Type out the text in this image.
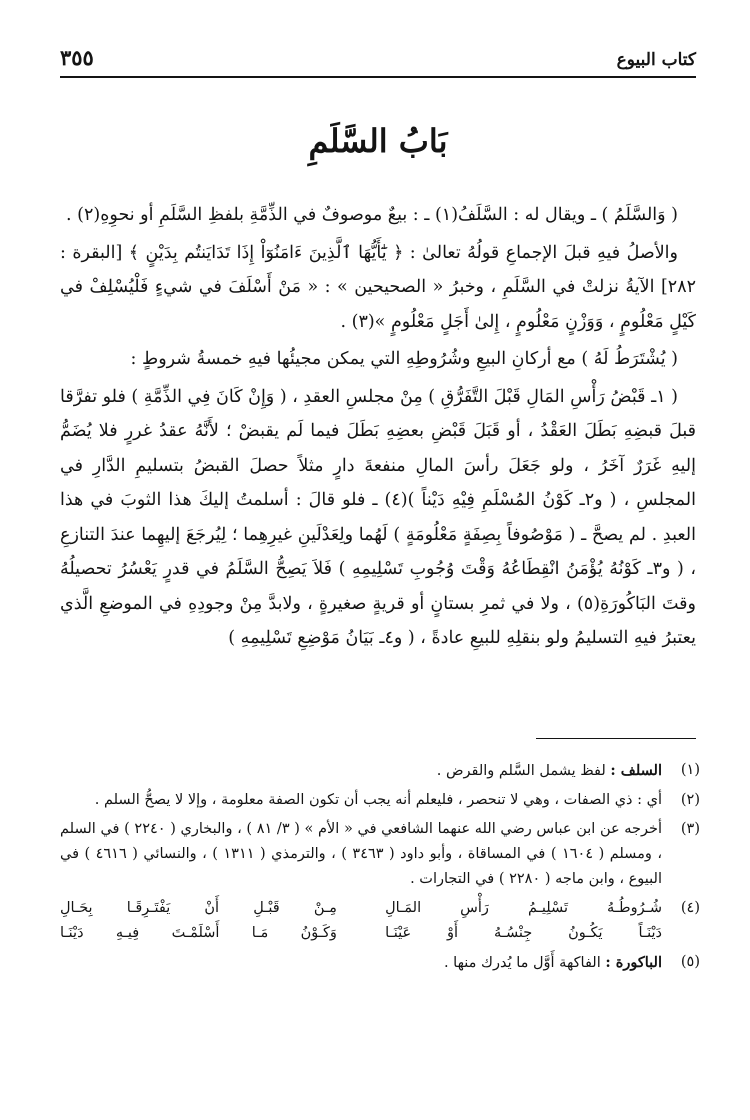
كتاب البيوع
٣٥٥
بَابُ السَّلَمِ

( وَالسَّلَمُ ) ـ ويقال له : السَّلَفُ(١) ـ : بيعٌ موصوفٌ في الذِّمَّةِ بلفظِ السَّلَمِ أو نحوِهِ(٢) .

والأصلُ فيهِ قبلَ الإجماعِ قولُهُ تعالىٰ : ﴿ يَٰٓأَيُّهَا ٱلَّذِينَ ءَامَنُوٓاْ إِذَا تَدَايَنتُم بِدَيْنٍ ﴾ [البقرة : ٢٨٢] الآيةُ نزلتْ في السَّلَمِ ، وخبرُ « الصحيحين » : « مَنْ أَسْلَفَ في شيءٍ فَلْيُسْلِفْ في كَيْلٍ مَعْلُومٍ ، وَوَزْنٍ مَعْلُومٍ ، إِلىٰ أَجَلٍ مَعْلُومٍ »(٣) .

( يُشْتَرَطُ لَهُ ) مع أركانِ البيعِ وشُرُوطِهِ التي يمكن مجيئُها فيهِ خمسةُ شروطٍ :

( ١ـ قَبْضُ رَأْسِ المَالِ قَبْلَ التَّفَرُّقِ ) مِنْ مجلسِ العقدِ ، ( وَإِنْ كَانَ فِي الذِّمَّةِ ) فلو تفرَّقا قبلَ قبضِهِ بَطَلَ العَقْدُ ، أو قَبَلَ قَبْضِ بعضِهِ بَطَلَ فيما لَم يقبضْ ؛ لأَنَّهُ عقدُ غررٍ فلا يُضَمُّ إليهِ غَرَرٌ آخَرُ ، ولو جَعَلَ رأسَ المالِ منفعةَ دارٍ مثلاً حصلَ القبضُ بتسليمِ الدَّارِ في المجلسِ ، ( و٢ـ كَوْنُ المُسْلَمِ فِيْهِ دَيْناً )(٤) ـ فلو قالَ : أسلمتُ إليكَ هذا الثوبَ في هذا العبدِ . لم يصحَّ ـ ( مَوْصُوفاً بِصِفَةٍ مَعْلُومَةٍ ) لَهُما ولِعَدْلَينِ غيرِهِما ؛ لِيُرجَعَ إليهِما عندَ التنازعِ ، ( و٣ـ كَوْنُهُ يُؤْمَنُ انْقِطَاعُهُ وَقْتَ وُجُوبِ تَسْلِيمِهِ ) فَلاَ يَصِحُّ السَّلَمُ في قدرٍ يَعْسُرُ تحصيلُهُ وقتَ البَاكُورَةِ(٥) ، ولا في ثمرِ بستانٍ أو قريةٍ صغيرةٍ ، ولابدَّ مِنْ وجودِهِ في الموضعِ الَّذي يعتبرُ فيهِ التسليمُ ولو بنقلِهِ للبيعِ عادةً ، ( و٤ـ بَيَانُ مَوْضِعِ تَسْلِيمِهِ )

(١)
السلف : لفظ يشمل السَّلم والقرض .
(٢)
أي : ذي الصفات ، وهي لا تنحصر ، فليعلم أنه يجب أن تكون الصفة معلومة ، وإلا لا يصحُّ السلم .
(٣)
أخرجه عن ابن عباس رضي الله عنهما الشافعي في « الأم » ( ٣/ ٨١ ) ، والبخاري ( ٢٢٤٠ ) في السلم ، ومسلم ( ١٦٠٤ ) في المساقاة ، وأبو داود ( ٣٤٦٣ ) ، والترمذي ( ١٣١١ ) ، والنسائي ( ٤٦١٦ ) في البيوع ، وابن ماجه ( ٢٢٨٠ ) في التجارات .
(٤)
شُـرُوطُـهُ تَسْلِيـمُ رَأْسِ المَـالِ
مِـنْ قَبْـلِ أَنْ يَفْتَـرِقَـا بِحَـالِ
دَيْنَـاً يَكُـونُ جِنْسُـهُ أَوْ عَيْنَـا
وَكَـوْنُ مَـا أَسْلَمْـتَ فِيـهِ دَيْنَـا
(٥)
الباكورة : الفاكهة أَوَّل ما يُدرك منها .
